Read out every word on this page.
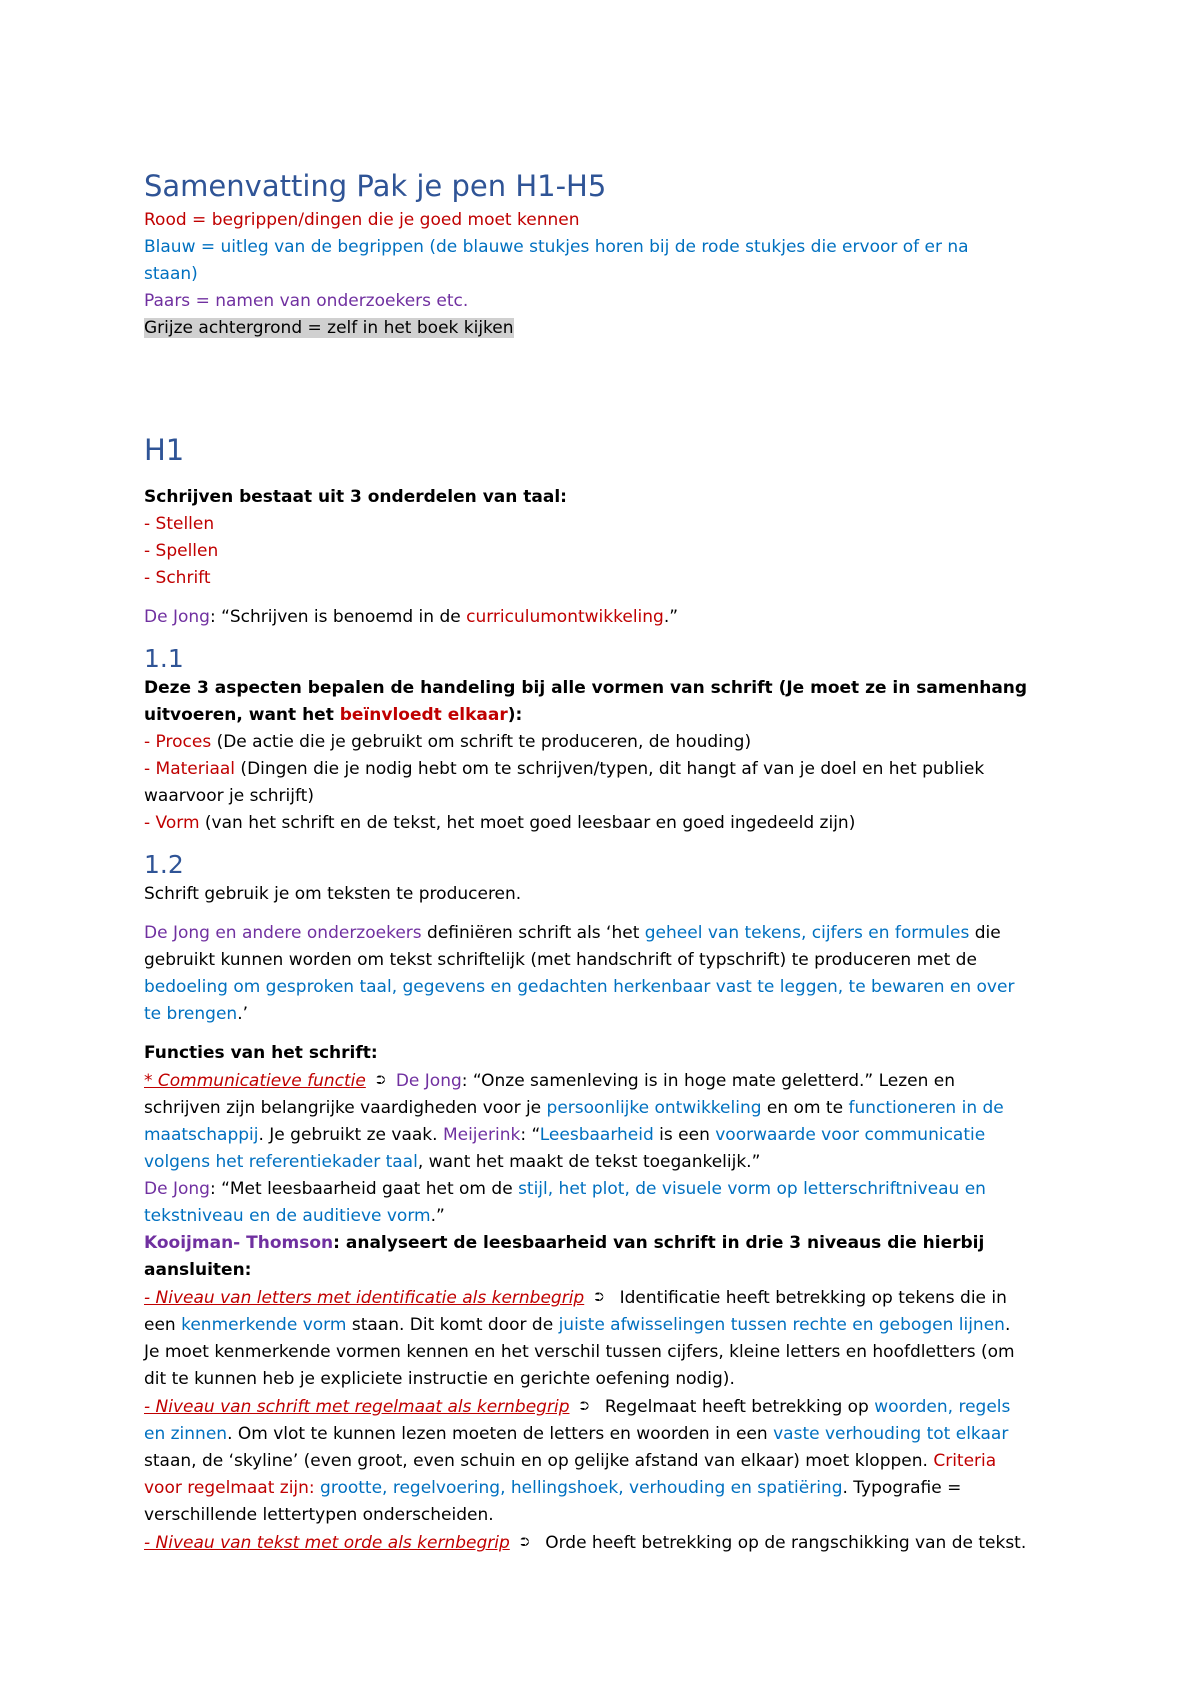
Samenvatting Pak je pen H1-H5

Rood = begrippen/dingen die je goed moet kennen

Blauw = uitleg van de begrippen (de blauwe stukjes horen bij de rode stukjes die ervoor of er na

staan)

Paars = namen van onderzoekers etc.

Grijze achtergrond = zelf in het boek kijken

H1

Schrijven bestaat uit 3 onderdelen van taal:

- Stellen

- Spellen

- Schrift

De Jong: “Schrijven is benoemd in de curriculumontwikkeling.”

1.1

Deze 3 aspecten bepalen de handeling bij alle vormen van schrift (Je moet ze in samenhang

uitvoeren, want het beïnvloedt elkaar):

- Proces (De actie die je gebruikt om schrift te produceren, de houding)

- Materiaal (Dingen die je nodig hebt om te schrijven/typen, dit hangt af van je doel en het publiek

waarvoor je schrijft)

- Vorm (van het schrift en de tekst, het moet goed leesbaar en goed ingedeeld zijn)

1.2

Schrift gebruik je om teksten te produceren.

De Jong en andere onderzoekers definiëren schrift als ‘het geheel van tekens, cijfers en formules die

gebruikt kunnen worden om tekst schriftelijk (met handschrift of typschrift) te produceren met de

bedoeling om gesproken taal, gegevens en gedachten herkenbaar vast te leggen, te bewaren en over

te brengen.’

Functies van het schrift:

* Communicatieve functie ⮊ De Jong: “Onze samenleving is in hoge mate geletterd.” Lezen en

schrijven zijn belangrijke vaardigheden voor je persoonlijke ontwikkeling en om te functioneren in de

maatschappij. Je gebruikt ze vaak. Meijerink: “Leesbaarheid is een voorwaarde voor communicatie

volgens het referentiekader taal, want het maakt de tekst toegankelijk.”

De Jong: “Met leesbaarheid gaat het om de stijl, het plot, de visuele vorm op letterschriftniveau en

tekstniveau en de auditieve vorm.”

Kooijman- Thomson: analyseert de leesbaarheid van schrift in drie 3 niveaus die hierbij aansluiten:

- Niveau van letters met identificatie als kernbegrip ⮊ Identificatie heeft betrekking op tekens die in

een kenmerkende vorm staan. Dit komt door de juiste afwisselingen tussen rechte en gebogen lijnen.

Je moet kenmerkende vormen kennen en het verschil tussen cijfers, kleine letters en hoofdletters (om

dit te kunnen heb je expliciete instructie en gerichte oefening nodig).

- Niveau van schrift met regelmaat als kernbegrip ⮊ Regelmaat heeft betrekking op woorden, regels

en zinnen. Om vlot te kunnen lezen moeten de letters en woorden in een vaste verhouding tot elkaar

staan, de ‘skyline’ (even groot, even schuin en op gelijke afstand van elkaar) moet kloppen. Criteria

voor regelmaat zijn: grootte, regelvoering, hellingshoek, verhouding en spatiëring. Typografie =

verschillende lettertypen onderscheiden.

- Niveau van tekst met orde als kernbegrip ⮊ Orde heeft betrekking op de rangschikking van de tekst.
